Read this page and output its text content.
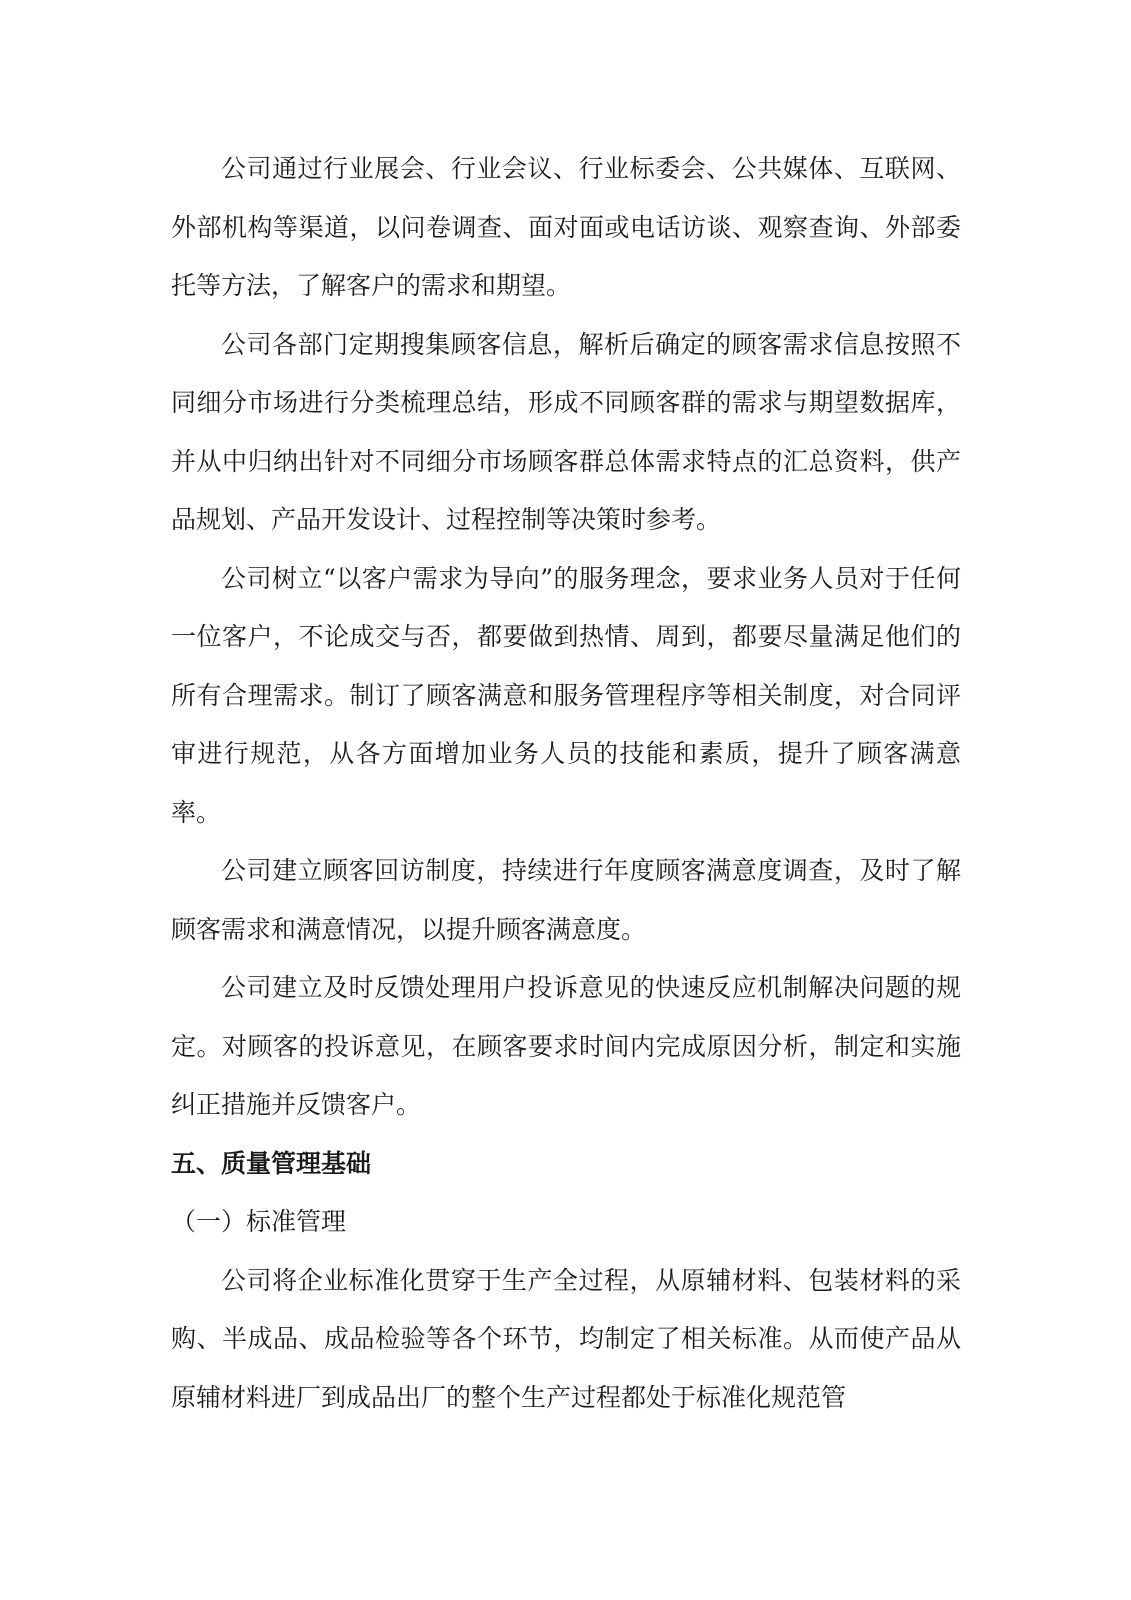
公司通过行业展会、行业会议、行业标委会、公共媒体、互联网、外部机构等渠道，以问卷调查、面对面或电话访谈、观察查询、外部委托等方法，了解客户的需求和期望。

公司各部门定期搜集顾客信息，解析后确定的顾客需求信息按照不同细分市场进行分类梳理总结，形成不同顾客群的需求与期望数据库，并从中归纳出针对不同细分市场顾客群总体需求特点的汇总资料，供产品规划、产品开发设计、过程控制等决策时参考。

公司树立“以客户需求为导向”的服务理念，要求业务人员对于任何一位客户，不论成交与否，都要做到热情、周到，都要尽量满足他们的所有合理需求。制订了顾客满意和服务管理程序等相关制度，对合同评审进行规范，从各方面增加业务人员的技能和素质，提升了顾客满意率。

公司建立顾客回访制度，持续进行年度顾客满意度调查，及时了解顾客需求和满意情况，以提升顾客满意度。

公司建立及时反馈处理用户投诉意见的快速反应机制解决问题的规定。对顾客的投诉意见，在顾客要求时间内完成原因分析，制定和实施纠正措施并反馈客户。

五、质量管理基础

（一）标准管理

公司将企业标准化贯穿于生产全过程，从原辅材料、包装材料的采购、半成品、成品检验等各个环节，均制定了相关标准。从而使产品从原辅材料进厂到成品出厂的整个生产过程都处于标准化规范管
